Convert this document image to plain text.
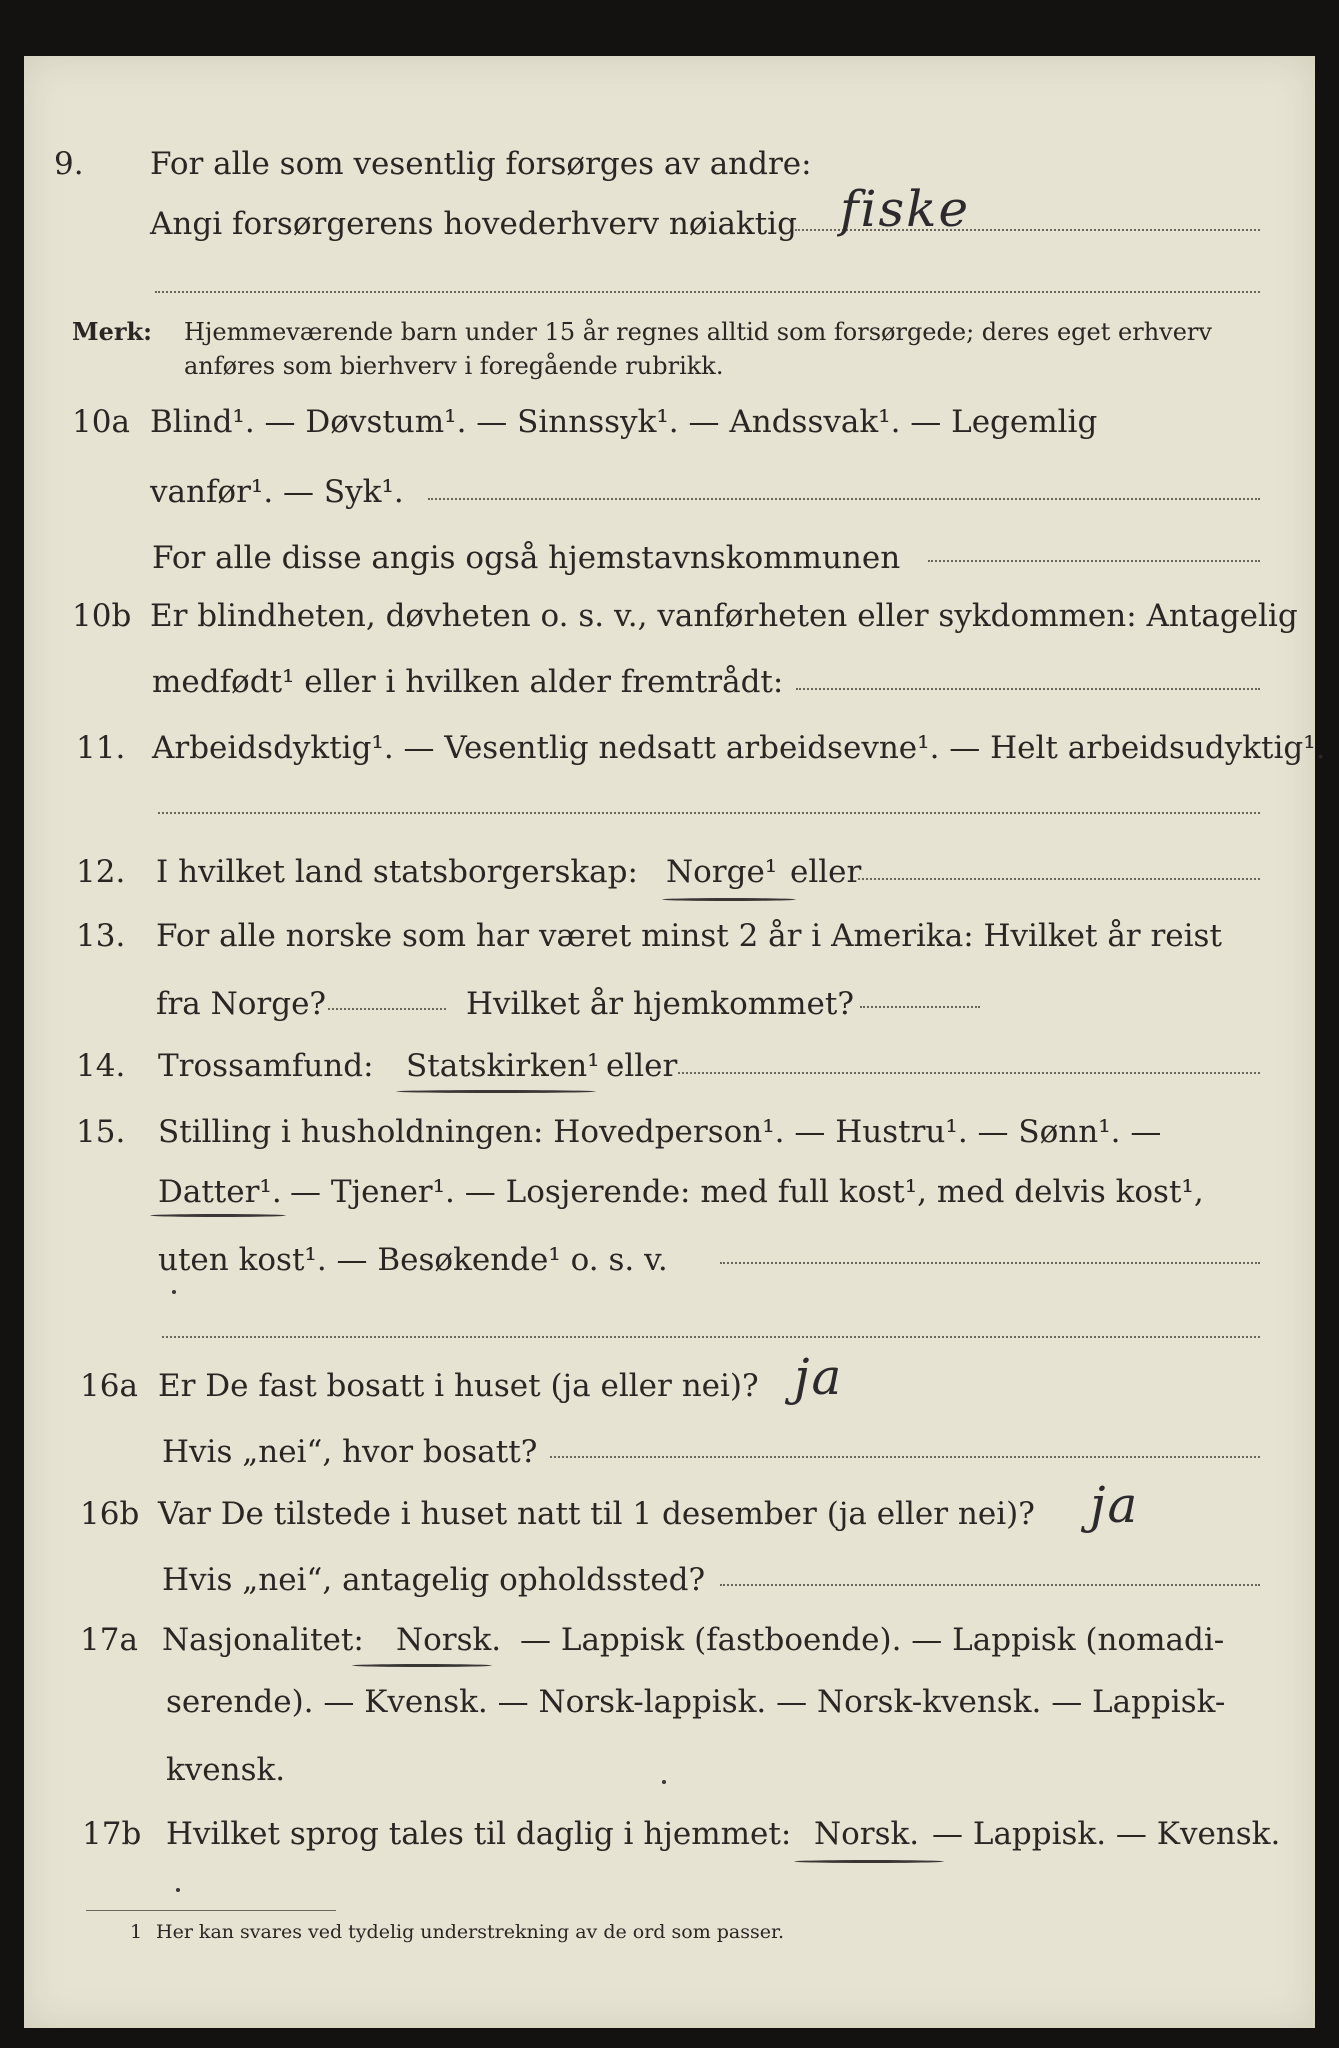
9. For alle som vesentlig forsørges av andre:
Angi forsørgerens hovederhverv nøiaktig fiske
Merk: Hjemmeværende barn under 15 år regnes alltid som forsørgede; deres eget erhverv
anføres som bierhverv i foregående rubrikk.
10a Blind¹. — Døvstum¹. — Sinnssyk¹. — Andssvak¹. — Legemlig
vanfør¹. — Syk¹.
For alle disse angis også hjemstavnskommunen
10b Er blindheten, døvheten o. s. v., vanførheten eller sykdommen: Antagelig
medfødt¹ eller i hvilken alder fremtrådt:
11. Arbeidsdyktig¹. — Vesentlig nedsatt arbeidsevne¹. — Helt arbeidsudyktig¹.
12. I hvilket land statsborgerskap: Norge¹ eller
13. For alle norske som har været minst 2 år i Amerika: Hvilket år reist
fra Norge?	Hvilket år hjemkommet?
14. Trossamfund: Statskirken¹ eller
15. Stilling i husholdningen: Hovedperson¹. — Hustru¹. — Sønn¹. —
Datter¹. — Tjener¹. — Losjerende: med full kost¹, med delvis kost¹,
uten kost¹. — Besøkende¹ o. s. v.
16a Er De fast bosatt i huset (ja eller nei)? ja
Hvis „nei“, hvor bosatt?
16b Var De tilstede i huset natt til 1 desember (ja eller nei)? ja
Hvis „nei“, antagelig opholdssted?
17a Nasjonalitet: Norsk. — Lappisk (fastboende). — Lappisk (nomadi-
serende). — Kvensk. — Norsk-lappisk. — Norsk-kvensk. — Lappisk-
kvensk.
17b Hvilket sprog tales til daglig i hjemmet: Norsk. — Lappisk. — Kvensk.
1 Her kan svares ved tydelig understrekning av de ord som passer.
